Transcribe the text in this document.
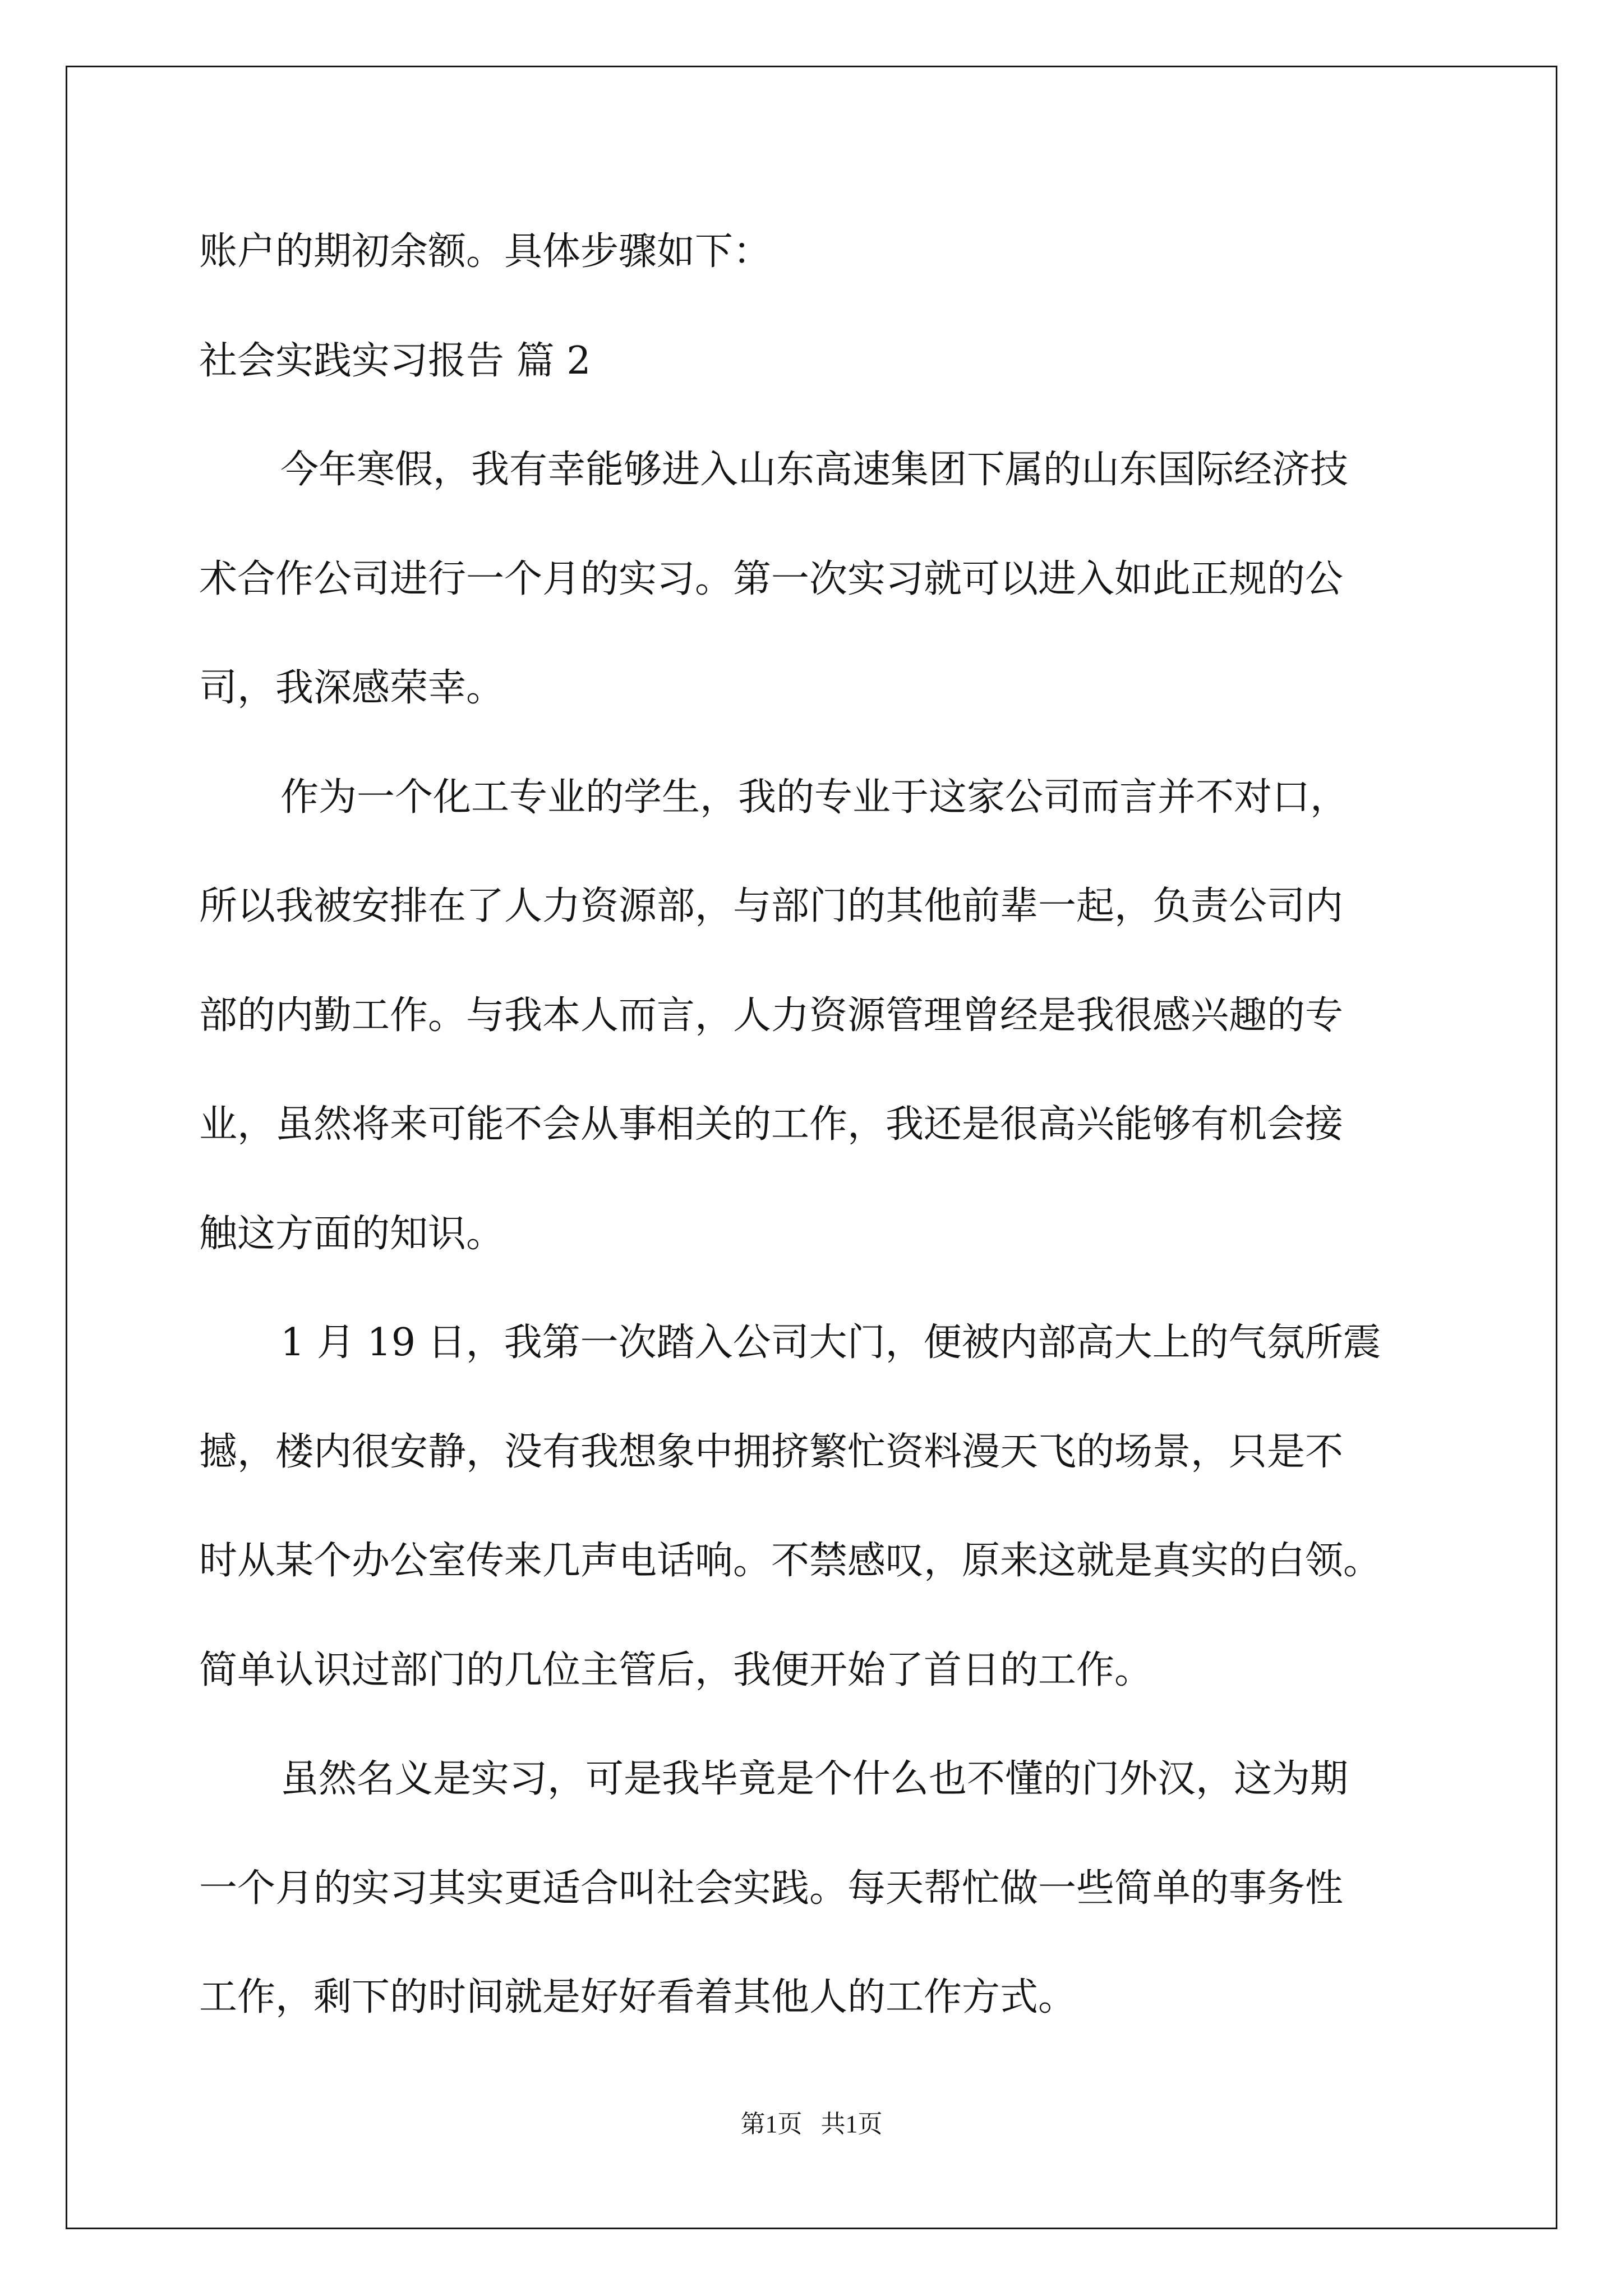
账户的期初余额。具体步骤如下：

社会实践实习报告 篇 2

今年寒假，我有幸能够进入山东高速集团下属的山东国际经济技

术合作公司进行一个月的实习。第一次实习就可以进入如此正规的公

司，我深感荣幸。

作为一个化工专业的学生，我的专业于这家公司而言并不对口，

所以我被安排在了人力资源部，与部门的其他前辈一起，负责公司内

部的内勤工作。与我本人而言，人力资源管理曾经是我很感兴趣的专

业，虽然将来可能不会从事相关的工作，我还是很高兴能够有机会接

触这方面的知识。

1 月 19 日，我第一次踏入公司大门，便被内部高大上的气氛所震

撼，楼内很安静，没有我想象中拥挤繁忙资料漫天飞的场景，只是不

时从某个办公室传来几声电话响。不禁感叹，原来这就是真实的白领。

简单认识过部门的几位主管后，我便开始了首日的工作。

虽然名义是实习，可是我毕竟是个什么也不懂的门外汉，这为期

一个月的实习其实更适合叫社会实践。每天帮忙做一些简单的事务性

工作，剩下的时间就是好好看着其他人的工作方式。

第1页   共1页
